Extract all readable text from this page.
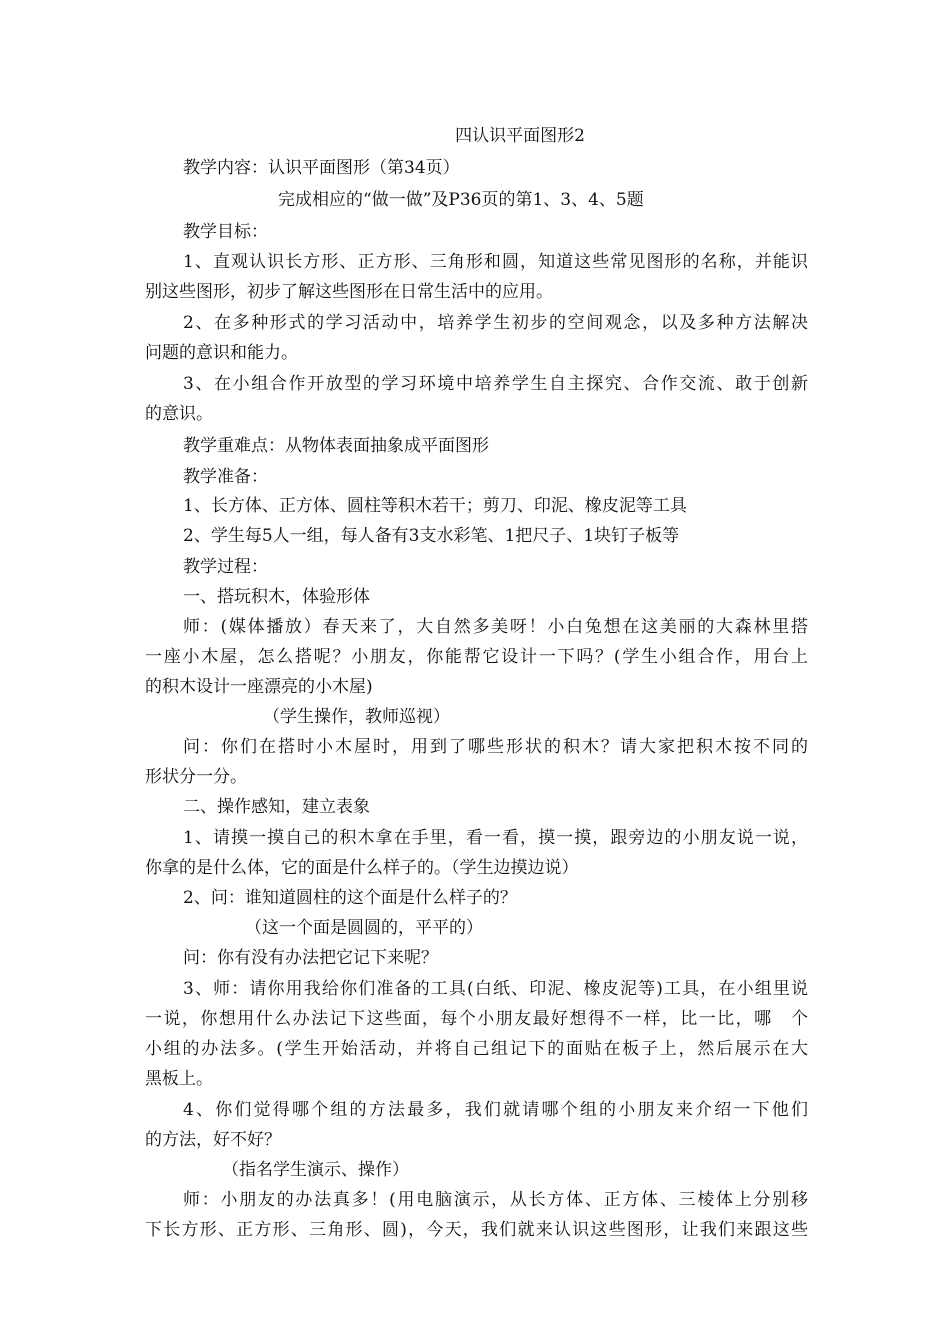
四认识平面图形2
教学内容：认识平面图形（第34页）
完成相应的“做一做”及P36页的第1、3、4、5题
教学目标：
1、直观认识长方形、正方形、三角形和圆，知道这些常见图形的名称，并能识
别这些图形，初步了解这些图形在日常生活中的应用。
2、在多种形式的学习活动中，培养学生初步的空间观念，以及多种方法解决
问题的意识和能力。
3、在小组合作开放型的学习环境中培养学生自主探究、合作交流、敢于创新
的意识。
教学重难点：从物体表面抽象成平面图形
教学准备：
1、长方体、正方体、圆柱等积木若干；剪刀、印泥、橡皮泥等工具
2、学生每5人一组，每人备有3支水彩笔、1把尺子、1块钉子板等
教学过程：
一、搭玩积木，体验形体
师：(媒体播放）春天来了，大自然多美呀！小白兔想在这美丽的大森林里搭
一座小木屋，怎么搭呢？小朋友，你能帮它设计一下吗？(学生小组合作，用台上
的积木设计一座漂亮的小木屋)
（学生操作，教师巡视）
问：你们在搭时小木屋时，用到了哪些形状的积木？请大家把积木按不同的
形状分一分。
二、操作感知，建立表象
1、请摸一摸自己的积木拿在手里，看一看，摸一摸，跟旁边的小朋友说一说，
你拿的是什么体，它的面是什么样子的。（学生边摸边说）
2、问：谁知道圆柱的这个面是什么样子的？
（这一个面是圆圆的，平平的）
问：你有没有办法把它记下来呢？
3、师：请你用我给你们准备的工具(白纸、印泥、橡皮泥等)工具，在小组里说
一说，你想用什么办法记下这些面，每个小朋友最好想得不一样，比一比，哪　个
小组的办法多。(学生开始活动，并将自己组记下的面贴在板子上，然后展示在大
黑板上。
4、你们觉得哪个组的方法最多，我们就请哪个组的小朋友来介绍一下他们
的方法，好不好？
（指名学生演示、操作）
师：小朋友的办法真多！(用电脑演示，从长方体、正方体、三棱体上分别移
下长方形、正方形、三角形、圆)，今天，我们就来认识这些图形，让我们来跟这些
